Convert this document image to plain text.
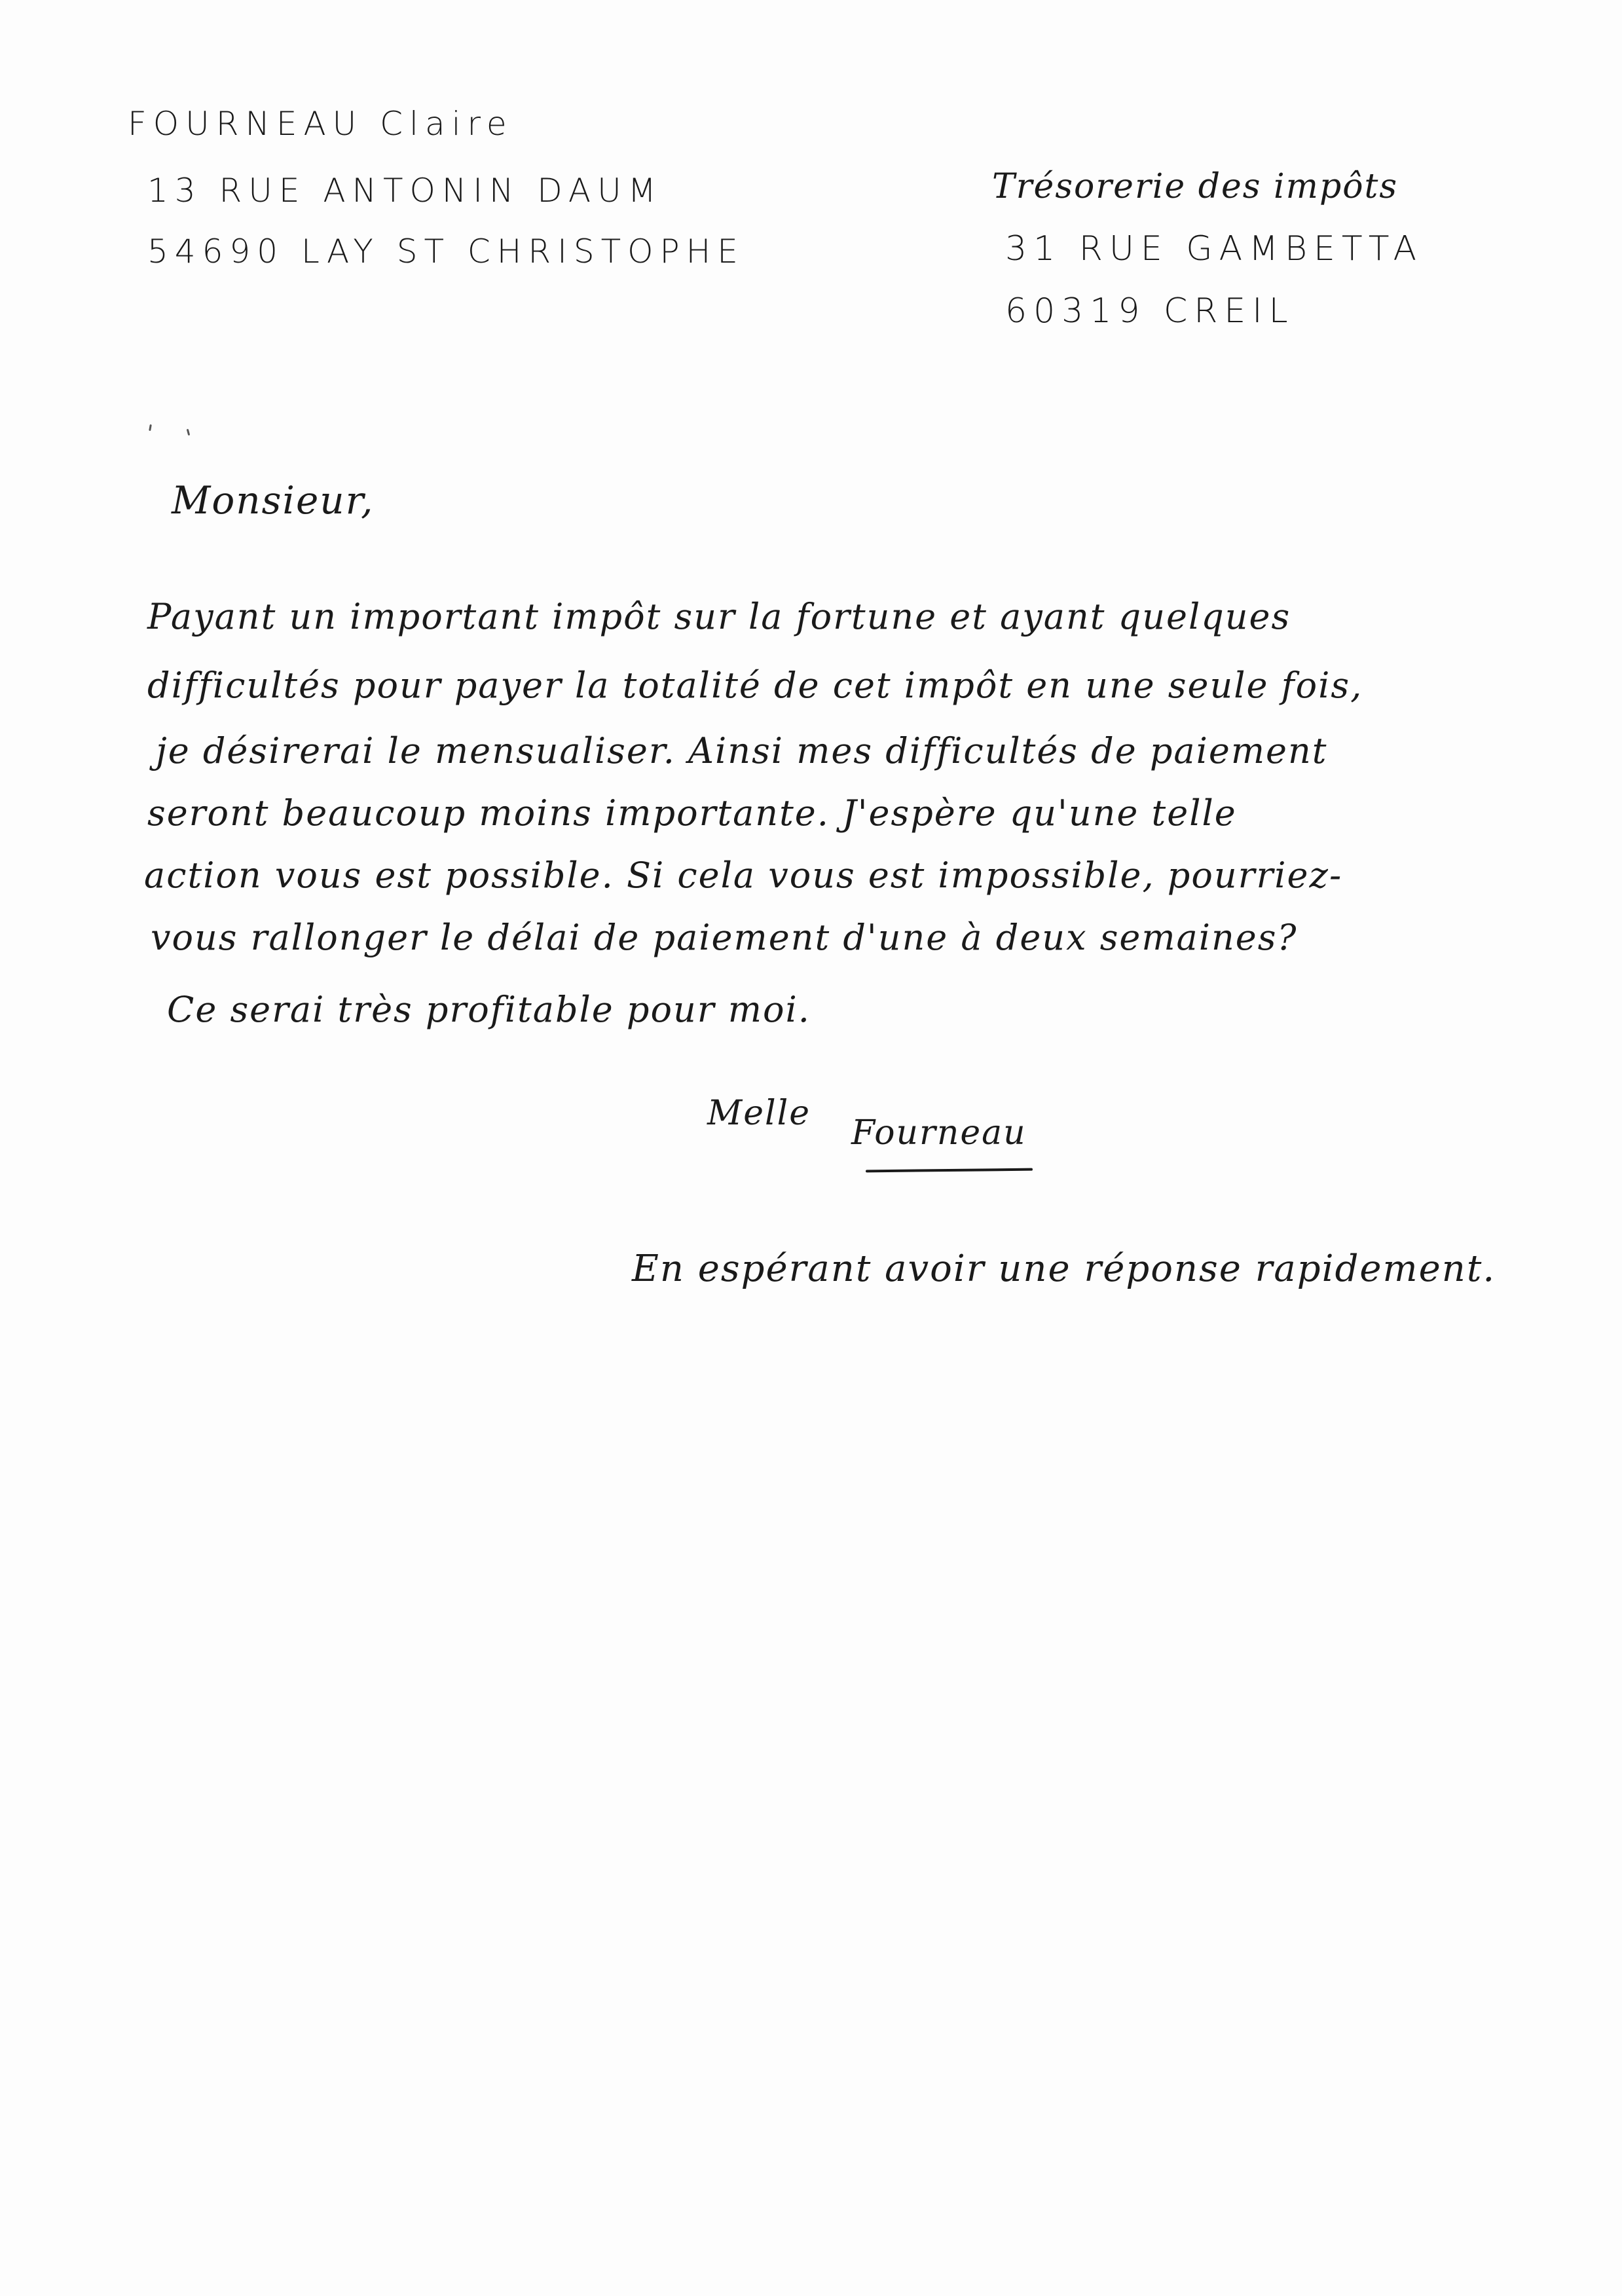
FOURNEAU Claire
13 RUE ANTONIN DAUM
54690 LAY ST CHRISTOPHE
Trésorerie des impôts
31 RUE GAMBETTA
60319 CREIL
Monsieur,
Payant un important impôt sur la fortune et ayant quelques
difficultés pour payer la totalité de cet impôt en une seule fois,
je désirerai le mensualiser. Ainsi mes difficultés de paiement
seront beaucoup moins importante. J'espère qu'une telle
action vous est possible. Si cela vous est impossible, pourriez-
vous rallonger le délai de paiement d'une à deux semaines?
Ce serai très profitable pour moi.
Melle Fourneau
En espérant avoir une réponse rapidement.
